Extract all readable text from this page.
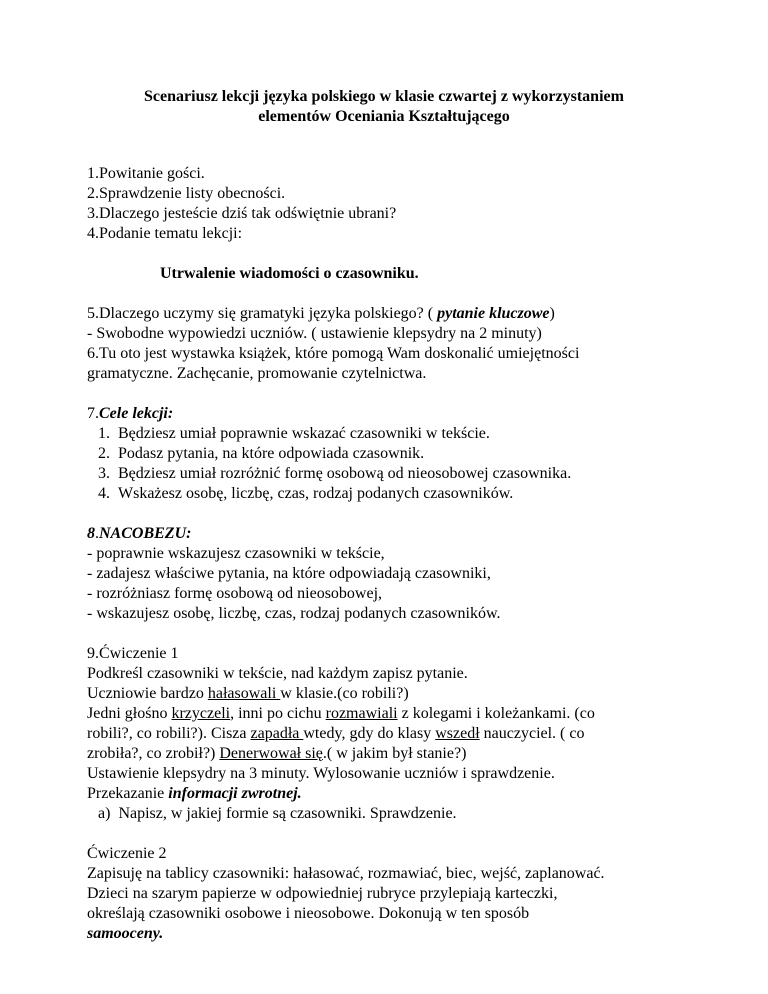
Scenariusz lekcji języka polskiego w klasie czwartej z wykorzystaniem
elementów Oceniania Kształtującego

1.Powitanie gości.

2.Sprawdzenie listy obecności.

3.Dlaczego jesteście dziś tak odświętnie ubrani?

4.Podanie tematu lekcji:

Utrwalenie wiadomości o czasowniku.

5.Dlaczego uczymy się gramatyki języka polskiego? ( pytanie kluczowe)

- Swobodne wypowiedzi uczniów. ( ustawienie klepsydry na 2 minuty)

6.Tu oto jest wystawka książek, które pomogą Wam doskonalić umiejętności

gramatyczne. Zachęcanie, promowanie czytelnictwa.

7.Cele lekcji:

1. Będziesz umiał poprawnie wskazać czasowniki w tekście.
2. Podasz pytania, na które odpowiada czasownik.
3. Będziesz umiał rozróżnić formę osobową od nieosobowej czasownika.
4. Wskażesz osobę, liczbę, czas, rodzaj podanych czasowników.

8.NACOBEZU:

- poprawnie wskazujesz czasowniki w tekście,

- zadajesz właściwe pytania, na które odpowiadają czasowniki,

- rozróżniasz formę osobową od nieosobowej,

- wskazujesz osobę, liczbę, czas, rodzaj podanych czasowników.

9.Ćwiczenie 1

Podkreśl czasowniki w tekście, nad każdym zapisz pytanie.

Uczniowie bardzo hałasowali w klasie.(co robili?)

Jedni głośno krzyczeli, inni po cichu rozmawiali z kolegami i koleżankami. (co

robili?, co robili?). Cisza zapadła wtedy, gdy do klasy wszedł nauczyciel. ( co

zrobiła?, co zrobił?) Denerwował się.( w jakim był stanie?)

Ustawienie klepsydry na 3 minuty. Wylosowanie uczniów i sprawdzenie.

Przekazanie informacji zwrotnej.

a) Napisz, w jakiej formie są czasowniki. Sprawdzenie.

Ćwiczenie 2

Zapisuję na tablicy czasowniki: hałasować, rozmawiać, biec, wejść, zaplanować.

Dzieci na szarym papierze w odpowiedniej rubryce przylepiają karteczki,

określają czasowniki osobowe i nieosobowe. Dokonują w ten sposób

samooceny.
